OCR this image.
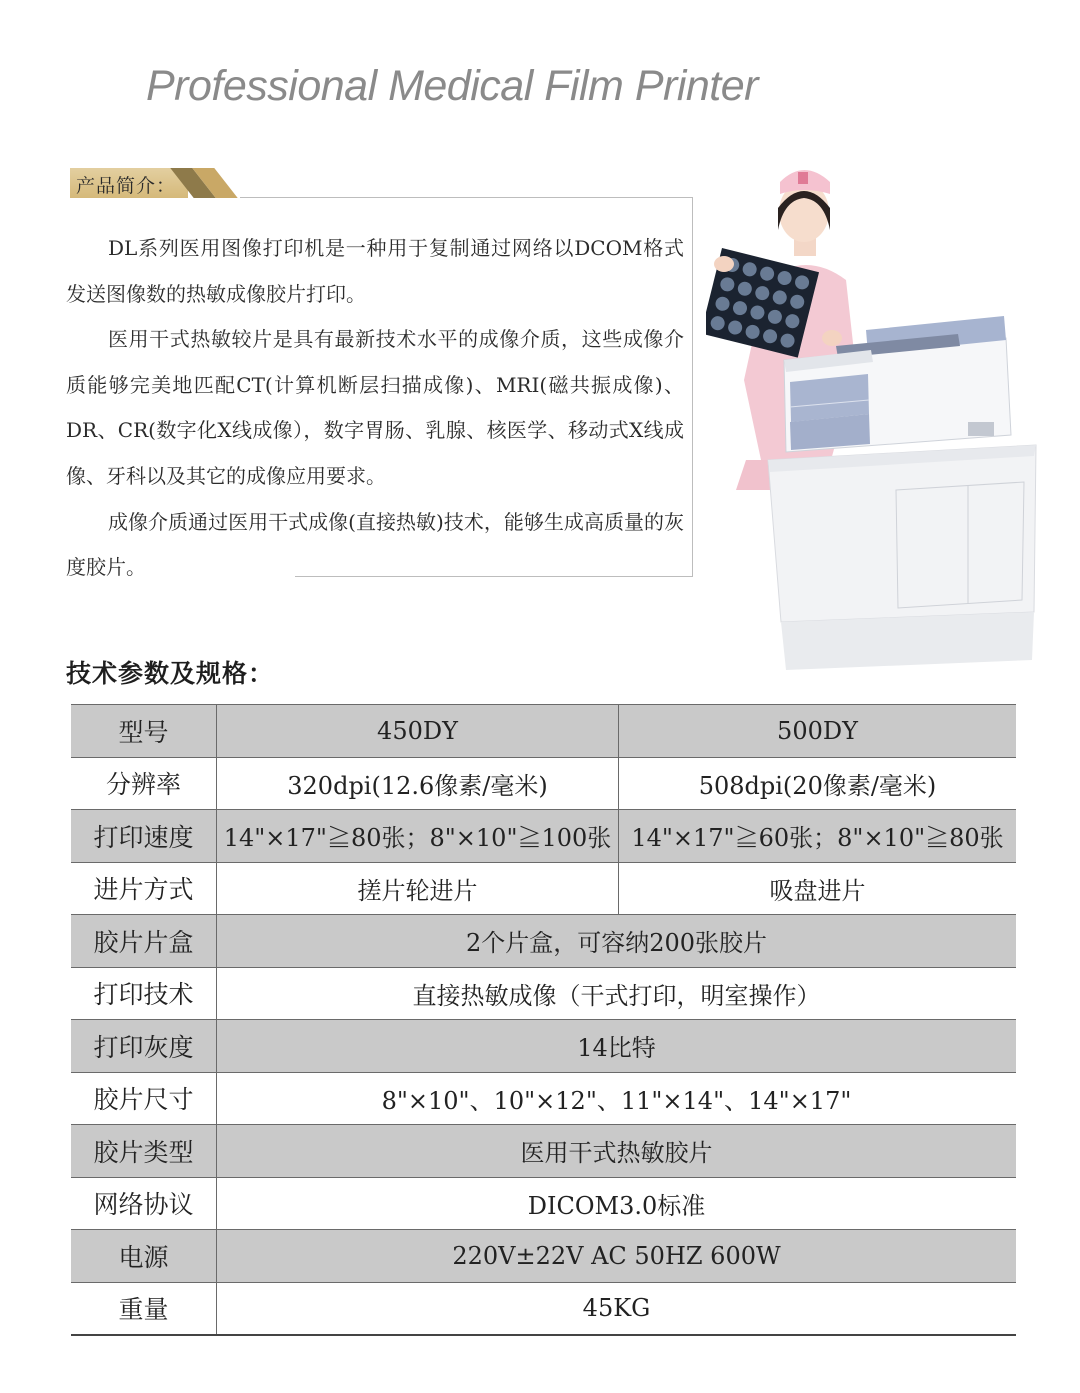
Professional Medical Film Printer
产品简介：

DL系列医用图像打印机是一种用于复制通过网络以DCOM格式发送图像数的热敏成像胶片打印。

医用干式热敏较片是具有最新技术水平的成像介质，这些成像介质能够完美地匹配CT(计算机断层扫描成像)、MRI(磁共振成像)、DR、CR(数字化X线成像），数字胃肠、乳腺、核医学、移动式X线成像、牙科以及其它的成像应用要求。

成像介质通过医用干式成像(直接热敏)技术，能够生成高质量的灰度胶片。

技术参数及规格：
型号	450DY	500DY
分辨率	320dpi(12.6像素/毫米)	508dpi(20像素/毫米)
打印速度	14"×17"≧80张；8"×10"≧100张	14"×17"≧60张；8"×10"≧80张
进片方式	搓片轮进片	吸盘进片
胶片片盒	2个片盒，可容纳200张胶片	
打印技术	直接热敏成像（干式打印，明室操作）	
打印灰度	14比特	
胶片尺寸	8"×10"、10"×12"、11"×14"、14"×17"	
胶片类型	医用干式热敏胶片	
网络协议	DICOM3.0标准	
电源	220V±22V AC 50HZ 600W	
重量	45KG	
